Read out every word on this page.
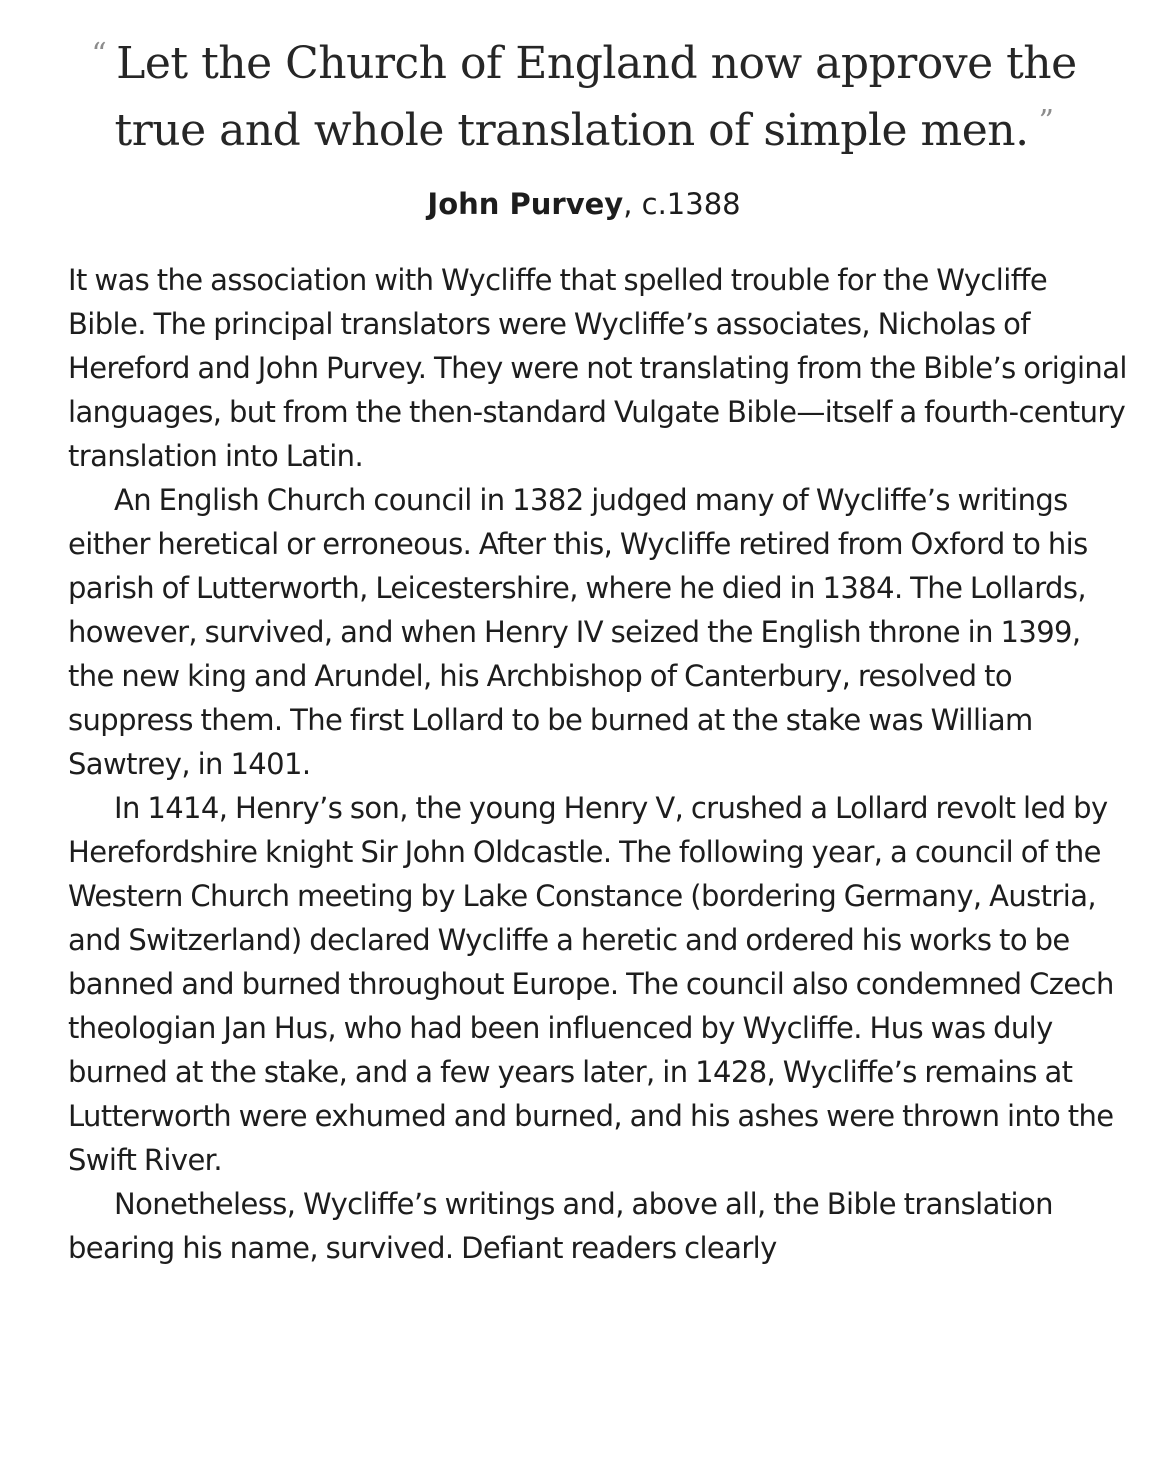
“ Let the Church of England now approve the true and whole translation of simple men. ”

John Purvey, c.1388

It was the association with Wycliffe that spelled trouble for the Wycliffe Bible. The principal translators were Wycliffe’s associates, Nicholas of Hereford and John Purvey. They were not translating from the Bible’s original languages, but from the then-standard Vulgate Bible—itself a fourth-century translation into Latin.

An English Church council in 1382 judged many of Wycliffe’s writings either heretical or erroneous. After this, Wycliffe retired from Oxford to his parish of Lutterworth, Leicestershire, where he died in 1384. The Lollards, however, survived, and when Henry IV seized the English throne in 1399, the new king and Arundel, his Archbishop of Canterbury, resolved to suppress them. The first Lollard to be burned at the stake was William Sawtrey, in 1401.

In 1414, Henry’s son, the young Henry V, crushed a Lollard revolt led by Herefordshire knight Sir John Oldcastle. The following year, a council of the Western Church meeting by Lake Constance (bordering Germany, Austria, and Switzerland) declared Wycliffe a heretic and ordered his works to be banned and burned throughout Europe. The council also condemned Czech theologian Jan Hus, who had been influenced by Wycliffe. Hus was duly burned at the stake, and a few years later, in 1428, Wycliffe’s remains at Lutterworth were exhumed and burned, and his ashes were thrown into the Swift River.

Nonetheless, Wycliffe’s writings and, above all, the Bible translation bearing his name, survived. Defiant readers clearly
